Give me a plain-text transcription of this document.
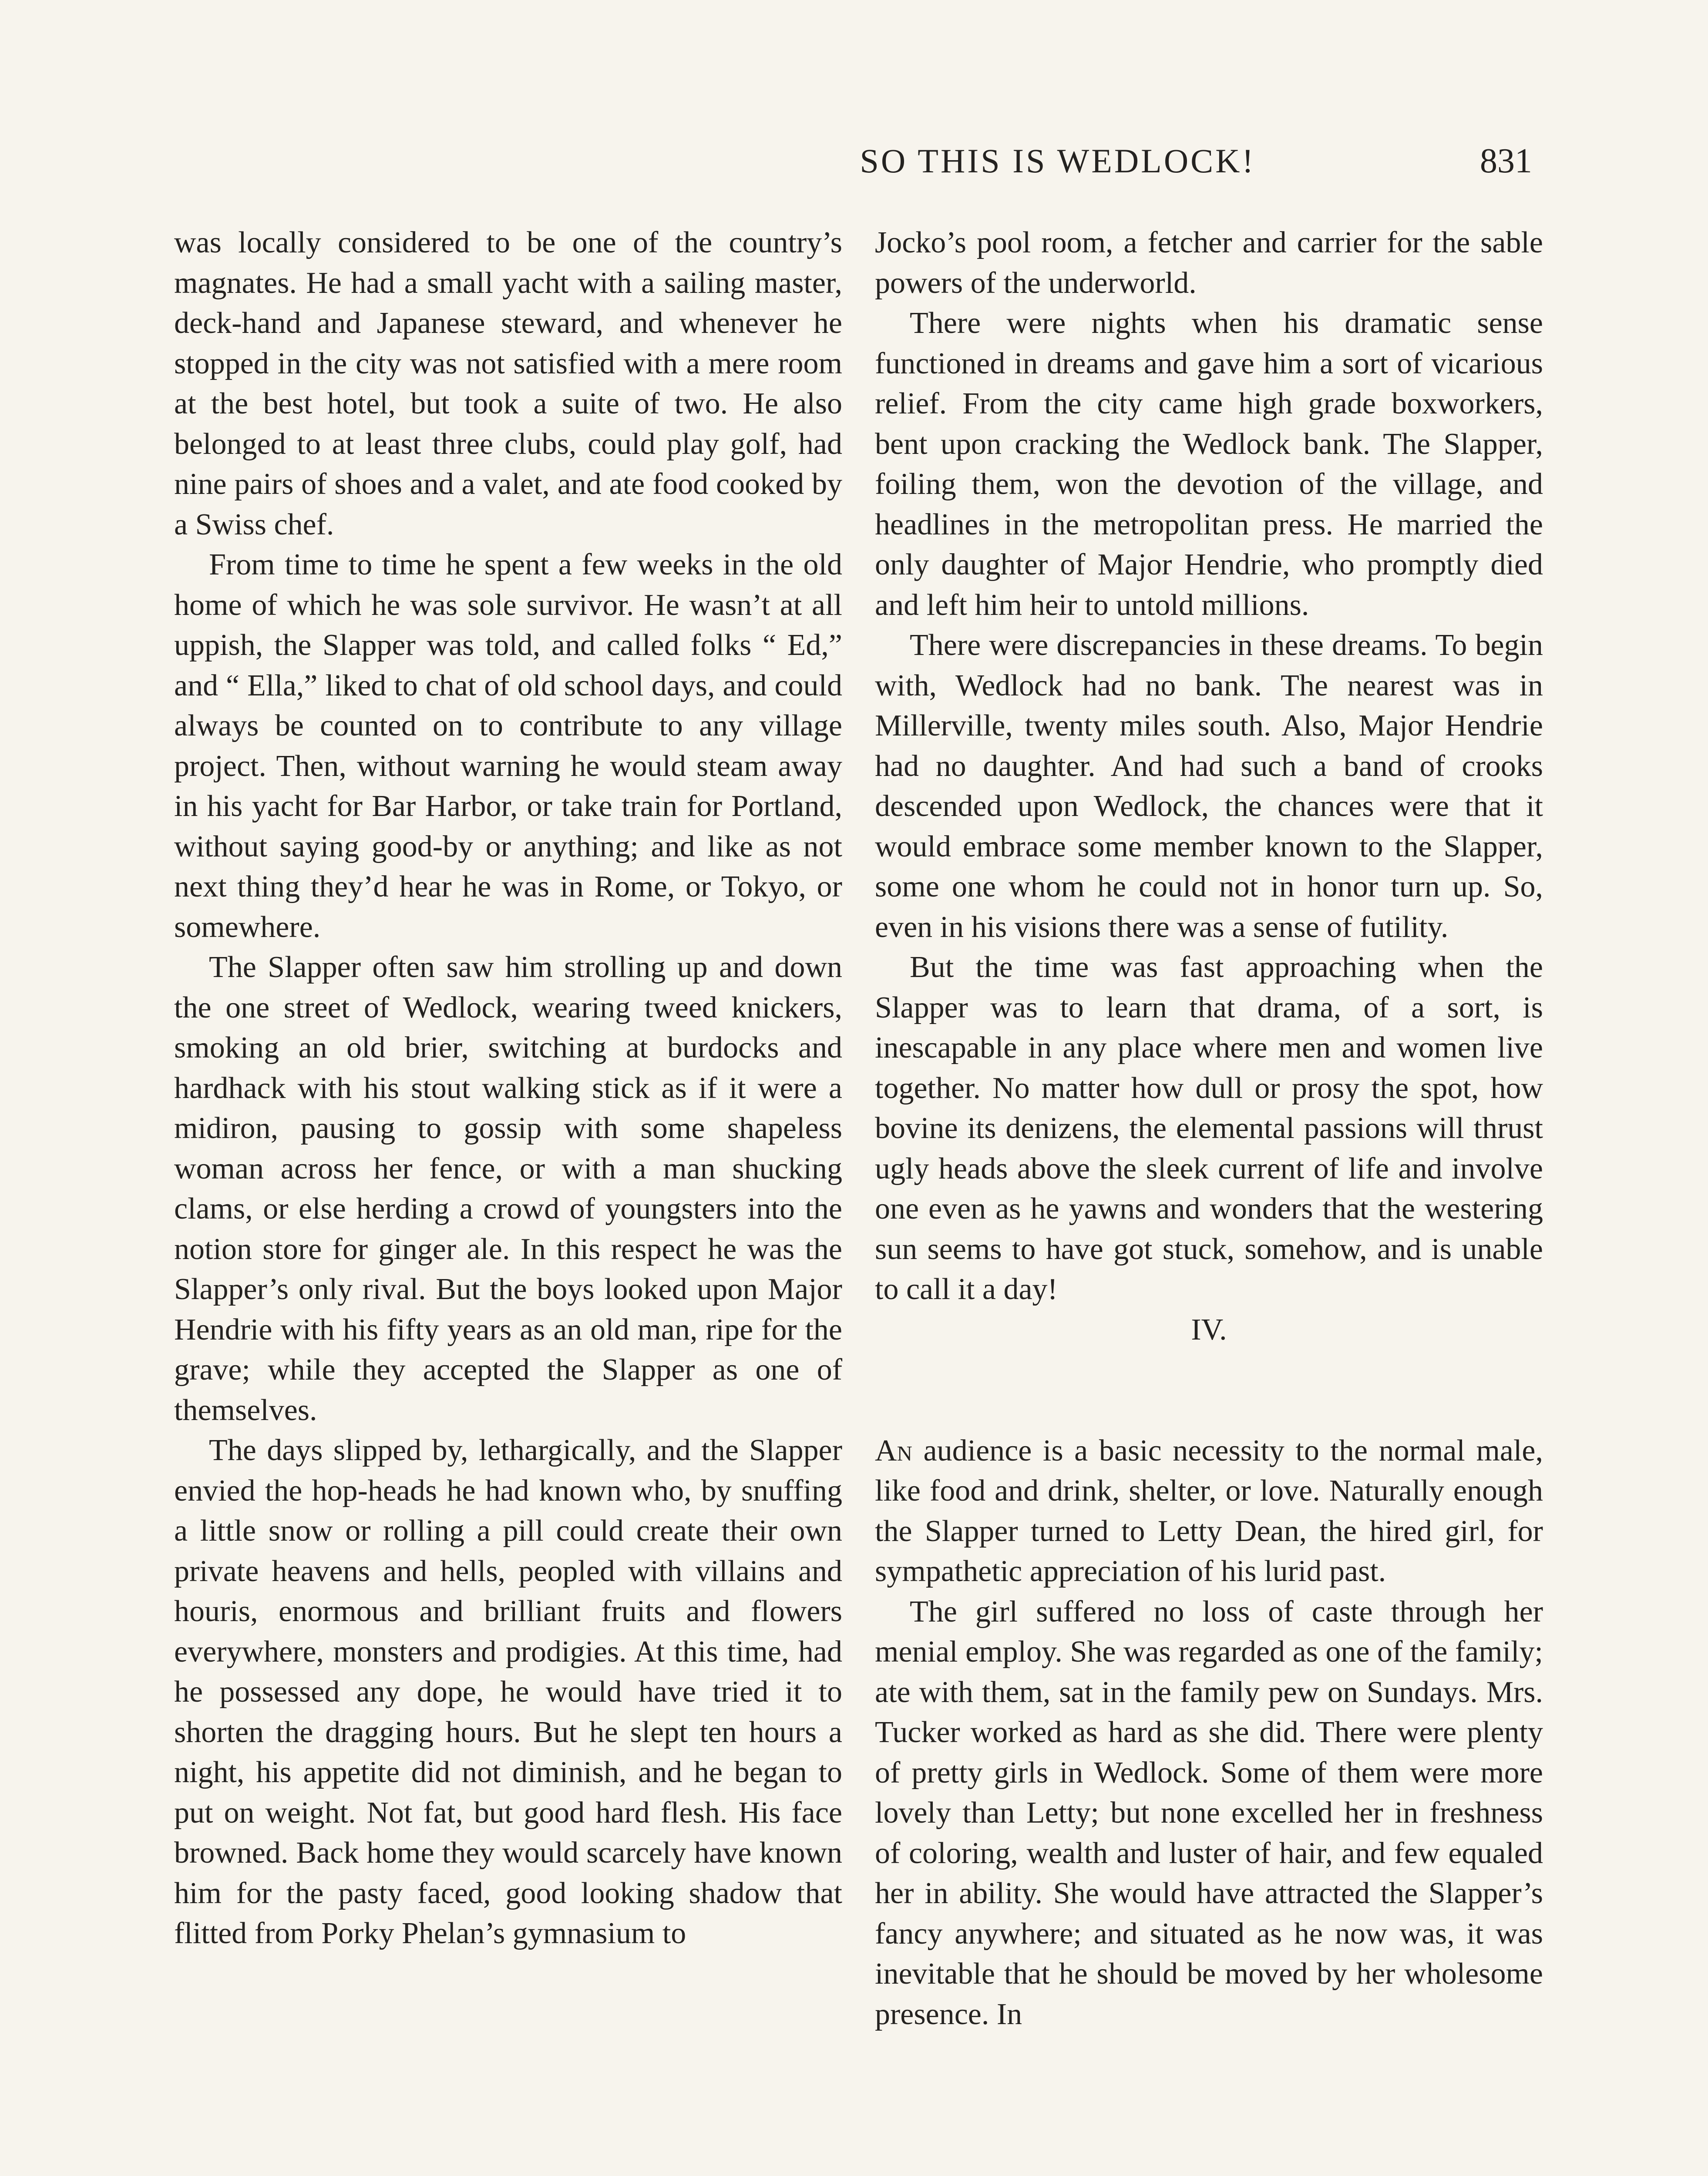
SO THIS IS WEDLOCK!	831

was locally considered to be one of the country’s magnates. He had a small yacht with a sailing master, deck-hand and Japanese steward, and whenever he stopped in the city was not satisfied with a mere room at the best hotel, but took a suite of two. He also belonged to at least three clubs, could play golf, had nine pairs of shoes and a valet, and ate food cooked by a Swiss chef.

From time to time he spent a few weeks in the old home of which he was sole survivor. He wasn’t at all uppish, the Slapper was told, and called folks “ Ed,” and “ Ella,” liked to chat of old school days, and could always be counted on to contribute to any village project. Then, without warning he would steam away in his yacht for Bar Harbor, or take train for Portland, without saying good-by or anything; and like as not next thing they’d hear he was in Rome, or Tokyo, or somewhere.

The Slapper often saw him strolling up and down the one street of Wedlock, wearing tweed knickers, smoking an old brier, switching at burdocks and hardhack with his stout walking stick as if it were a midiron, pausing to gossip with some shapeless woman across her fence, or with a man shucking clams, or else herding a crowd of youngsters into the notion store for ginger ale. In this respect he was the Slapper’s only rival. But the boys looked upon Major Hendrie with his fifty years as an old man, ripe for the grave; while they accepted the Slapper as one of themselves.

The days slipped by, lethargically, and the Slapper envied the hop-heads he had known who, by snuffing a little snow or rolling a pill could create their own private heavens and hells, peopled with villains and houris, enormous and brilliant fruits and flowers everywhere, monsters and prodigies. At this time, had he possessed any dope, he would have tried it to shorten the dragging hours. But he slept ten hours a night, his appetite did not diminish, and he began to put on weight. Not fat, but good hard flesh. His face browned. Back home they would scarcely have known him for the pasty faced, good looking shadow that flitted from Porky Phelan’s gymnasium to

Jocko’s pool room, a fetcher and carrier for the sable powers of the underworld.

There were nights when his dramatic sense functioned in dreams and gave him a sort of vicarious relief. From the city came high grade boxworkers, bent upon cracking the Wedlock bank. The Slapper, foiling them, won the devotion of the village, and headlines in the metropolitan press. He married the only daughter of Major Hendrie, who promptly died and left him heir to untold millions.

There were discrepancies in these dreams. To begin with, Wedlock had no bank. The nearest was in Millerville, twenty miles south. Also, Major Hendrie had no daughter. And had such a band of crooks descended upon Wedlock, the chances were that it would embrace some member known to the Slapper, some one whom he could not in honor turn up. So, even in his visions there was a sense of futility.

But the time was fast approaching when the Slapper was to learn that drama, of a sort, is inescapable in any place where men and women live together. No matter how dull or prosy the spot, how bovine its denizens, the elemental passions will thrust ugly heads above the sleek current of life and involve one even as he yawns and wonders that the westering sun seems to have got stuck, somehow, and is unable to call it a day!

IV.

An audience is a basic necessity to the normal male, like food and drink, shelter, or love. Naturally enough the Slapper turned to Letty Dean, the hired girl, for sympathetic appreciation of his lurid past.

The girl suffered no loss of caste through her menial employ. She was regarded as one of the family; ate with them, sat in the family pew on Sundays. Mrs. Tucker worked as hard as she did. There were plenty of pretty girls in Wedlock. Some of them were more lovely than Letty; but none excelled her in freshness of coloring, wealth and luster of hair, and few equaled her in ability. She would have attracted the Slapper’s fancy anywhere; and situated as he now was, it was inevitable that he should be moved by her wholesome presence. In
